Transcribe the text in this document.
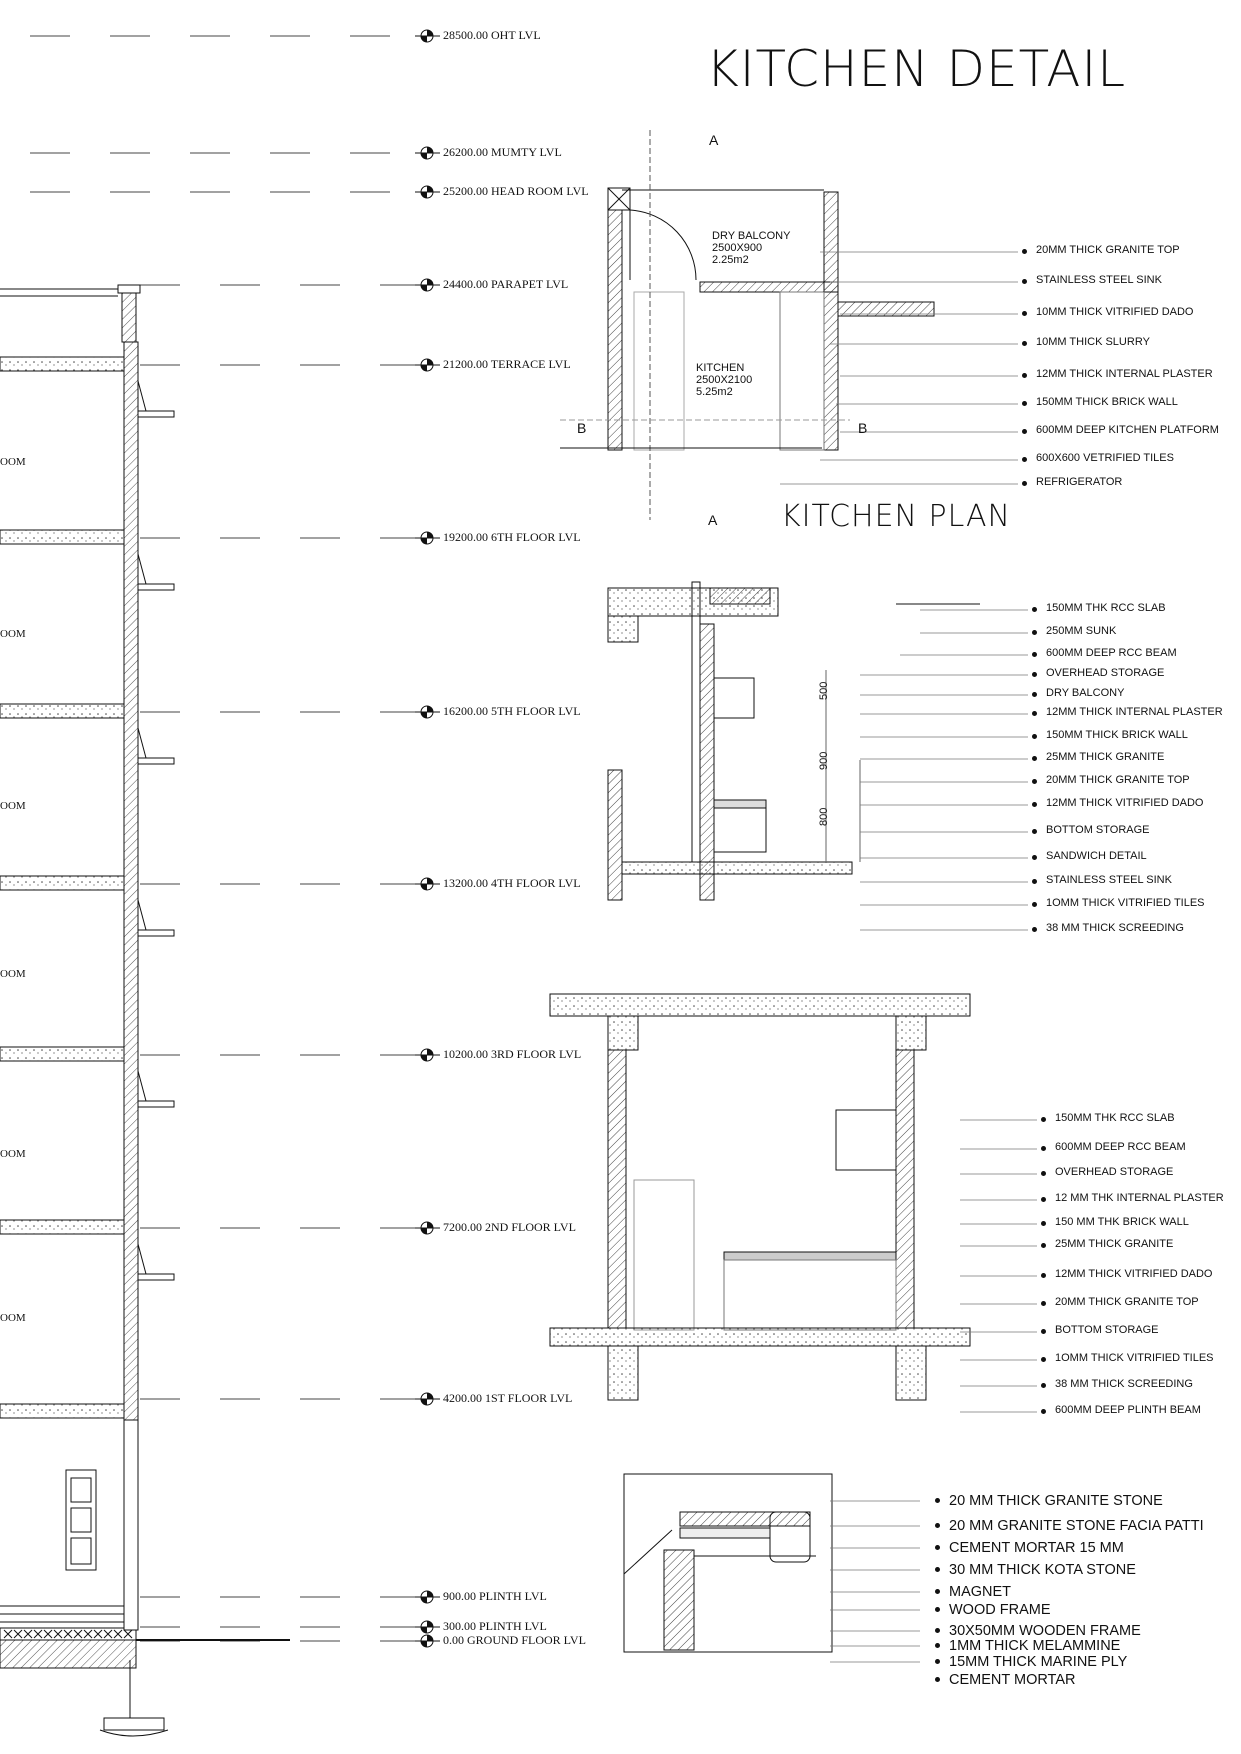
KITCHEN DETAIL
KITCHEN PLAN
28500.00 OHT LVL
26200.00 MUMTY LVL
25200.00 HEAD ROOM LVL
24400.00 PARAPET LVL
21200.00 TERRACE LVL
19200.00 6TH FLOOR LVL
16200.00 5TH FLOOR LVL
13200.00 4TH FLOOR LVL
10200.00 3RD FLOOR LVL
7200.00 2ND FLOOR LVL
4200.00 1ST FLOOR LVL
900.00 PLINTH LVL
300.00 PLINTH LVL
0.00 GROUND FLOOR LVL
OOM
OOM
OOM
OOM
OOM
OOM
A
A
B	B
DRY BALCONY
2500X900
2.25m2
KITCHEN
2500X2100
5.25m2
20MM THICK GRANITE TOP
STAINLESS STEEL SINK
10MM THICK VITRIFIED DADO
10MM THICK SLURRY
12MM THICK INTERNAL PLASTER
150MM THICK BRICK WALL
600MM DEEP KITCHEN PLATFORM
600X600 VETRIFIED TILES
REFRIGERATOR
500
900
800
150MM THK RCC SLAB
250MM SUNK
600MM DEEP RCC BEAM
OVERHEAD STORAGE
DRY BALCONY
12MM THICK INTERNAL PLASTER
150MM THICK BRICK WALL
25MM THICK GRANITE
20MM THICK GRANITE TOP
12MM THICK VITRIFIED DADO
BOTTOM STORAGE
SANDWICH DETAIL
STAINLESS STEEL SINK
1OMM THICK VITRIFIED TILES
38 MM THICK SCREEDING
150MM THK RCC SLAB
600MM DEEP RCC BEAM
OVERHEAD STORAGE
12 MM THK INTERNAL PLASTER
150 MM THK BRICK WALL
25MM THICK GRANITE
12MM THICK VITRIFIED DADO
20MM THICK GRANITE TOP
BOTTOM STORAGE
1OMM THICK VITRIFIED TILES
38 MM THICK SCREEDING
600MM DEEP PLINTH BEAM
20 MM THICK GRANITE STONE
20 MM GRANITE STONE FACIA PATTI
CEMENT MORTAR 15 MM
30 MM THICK KOTA STONE
MAGNET
WOOD FRAME
30X50MM WOODEN FRAME
1MM THICK MELAMMINE
15MM THICK MARINE PLY
CEMENT MORTAR
